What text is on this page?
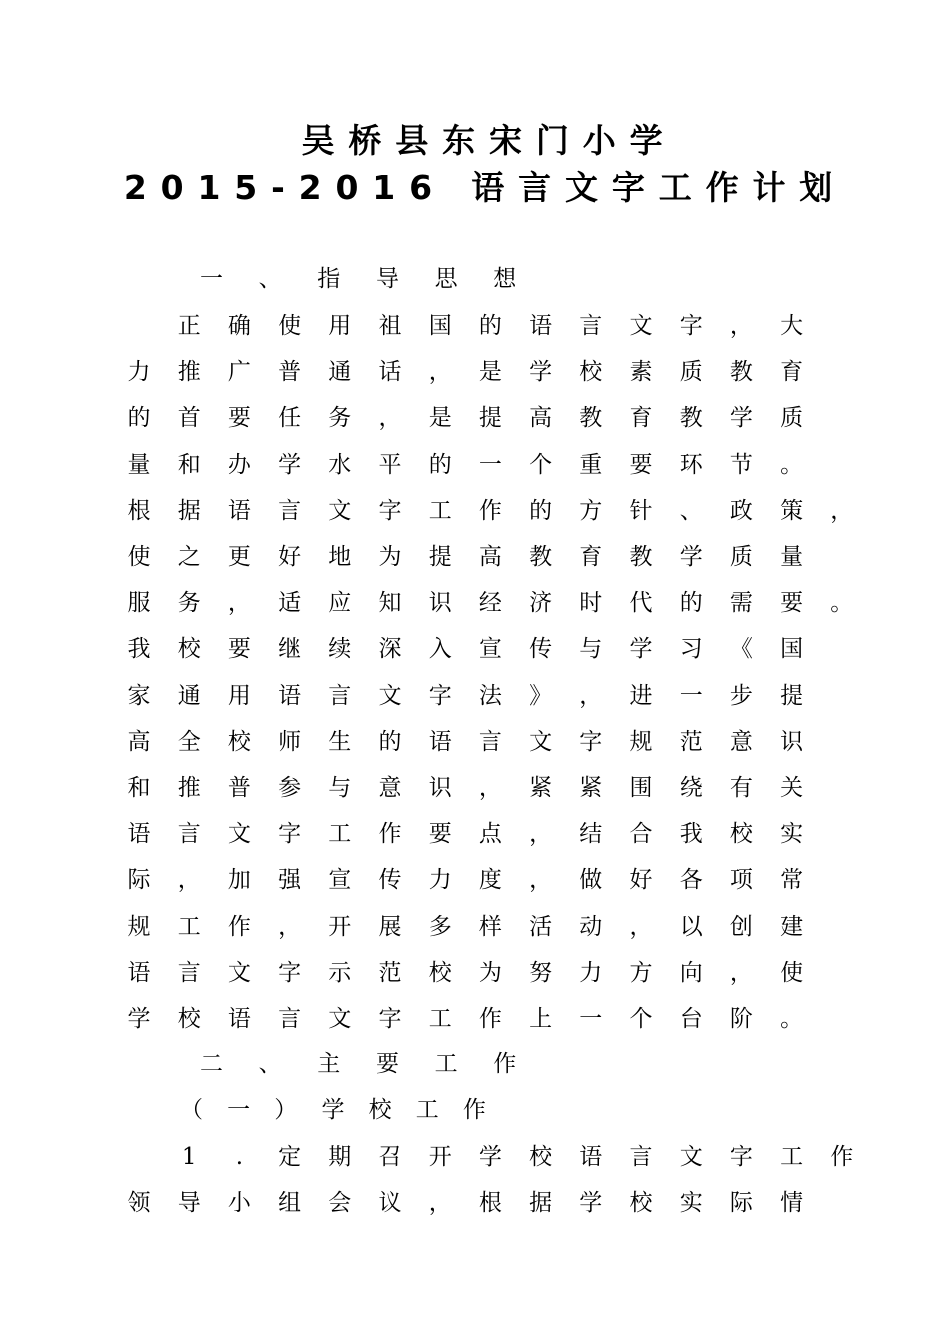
吴桥县东宋门小学
2015-2016 语言文字工作计划
一、指导思想

正 确 使 用 祖 国 的 语 言 文 字 ， 大
力 推 广 普 通 话 ， 是 学 校 素 质 教 育
的 首 要 任 务 ， 是 提 高 教 育 教 学 质
量 和 办 学 水 平 的 一 个 重 要 环 节 。
根 据 语 言 文 字 工 作 的 方 针 、 政 策 ，
使 之 更 好 地 为 提 高 教 育 教 学 质 量
服 务 ， 适 应 知 识 经 济 时 代 的 需 要 。
我 校 要 继 续 深 入 宣 传 与 学 习 《 国
家 通 用 语 言 文 字 法 》 ， 进 一 步 提
高 全 校 师 生 的 语 言 文 字 规 范 意 识
和 推 普 参 与 意 识 ， 紧 紧 围 绕 有 关
语 言 文 字 工 作 要 点 ， 结 合 我 校 实
际 ， 加 强 宣 传 力 度 ， 做 好 各 项 常
规 工 作 ， 开 展 多 样 活 动 ， 以 创 建
语 言 文 字 示 范 校 为 努 力 方 向 ， 使
学 校 语 言 文 字 工 作 上 一 个 台 阶 。
二、主要工作
（一）学校工作

1	.	定 期 召 开 学 校 语 言 文 字 工 作
领 导 小 组 会 议 ， 根 据 学 校 实 际 情
